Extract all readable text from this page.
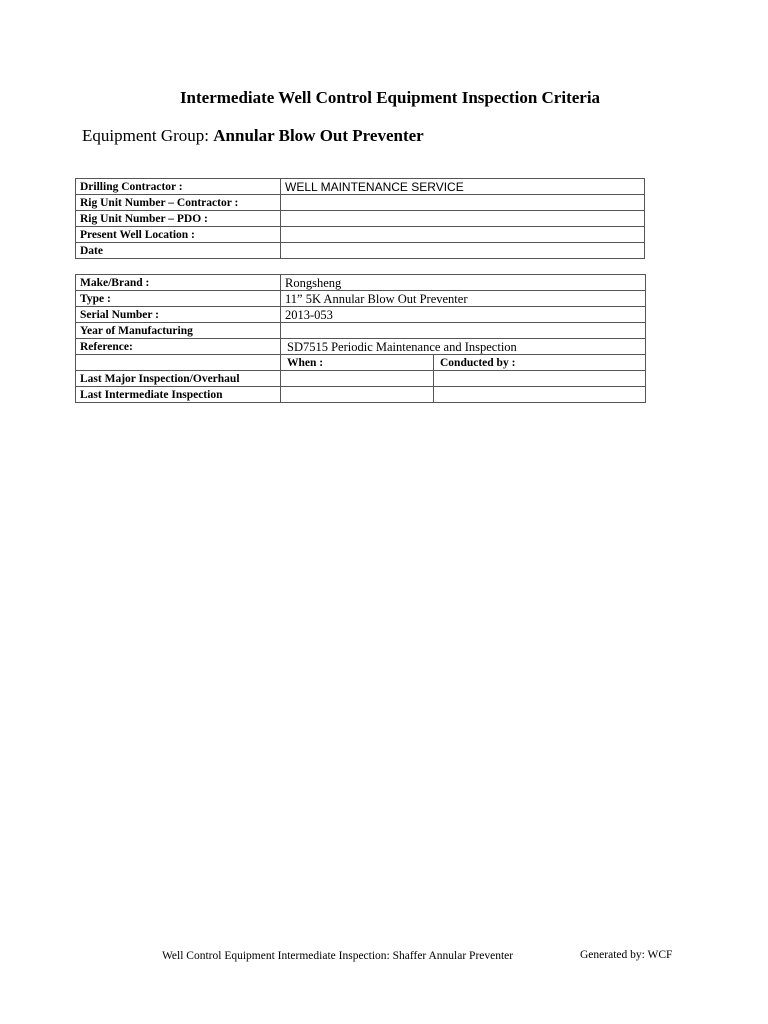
Intermediate Well Control Equipment Inspection Criteria
Equipment Group: Annular Blow Out Preventer
Drilling Contractor :	WELL MAINTENANCE SERVICE
Rig Unit Number – Contractor :	
Rig Unit Number – PDO :	
Present Well Location :	
Date	
Make/Brand :	Rongsheng	
Type :	11” 5K Annular Blow Out Preventer	
Serial Number :	2013-053	
Year of Manufacturing		
Reference:	SD7515 Periodic Maintenance and Inspection	
	When :	Conducted by :
Last Major Inspection/Overhaul		
Last Intermediate Inspection		
Well Control Equipment Intermediate Inspection: Shaffer Annular Preventer	Generated by: WCF
